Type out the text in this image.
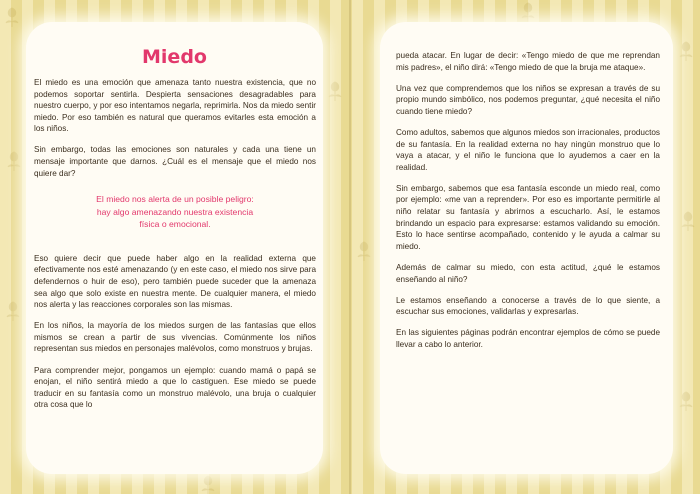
Miedo

El miedo es una emoción que amenaza tanto nuestra existencia, que no podemos soportar sentirla. Despierta sensaciones desagradables para nuestro cuerpo, y por eso intentamos negarla, reprimirla. Nos da miedo sentir miedo. Por eso también es natural que queramos evitarles esta emoción a los niños.

Sin embargo, todas las emociones son naturales y cada una tiene un mensaje importante que darnos. ¿Cuál es el mensaje que el miedo nos quiere dar?

El miedo nos alerta de un posible peligro:
hay algo amenazando nuestra existencia
física o emocional.

Eso quiere decir que puede haber algo en la realidad externa que efectivamente nos esté amenazando (y en este caso, el miedo nos sirve para defendernos o huir de eso), pero también puede suceder que la amenaza sea algo que solo existe en nuestra mente. De cualquier manera, el miedo nos alerta y las reacciones corporales son las mismas.

En los niños, la mayoría de los miedos surgen de las fantasías que ellos mismos se crean a partir de sus vivencias. Comúnmente los niños representan sus miedos en personajes malévolos, como monstruos y brujas.

Para comprender mejor, pongamos un ejemplo: cuando mamá o papá se enojan, el niño sentirá miedo a que lo castiguen. Ese miedo se puede traducir en su fantasía como un monstruo malévolo, una bruja o cualquier otra cosa que lo

pueda atacar. En lugar de decir: «Tengo miedo de que me reprendan mis padres», el niño dirá: «Tengo miedo de que la bruja me ataque».

Una vez que comprendemos que los niños se expresan a través de su propio mundo simbólico, nos podemos preguntar, ¿qué necesita el niño cuando tiene miedo?

Como adultos, sabemos que algunos miedos son irracionales, productos de su fantasía. En la realidad externa no hay ningún monstruo que lo vaya a atacar, y el niño le funciona que lo ayudemos a caer en la realidad.

Sin embargo, sabemos que esa fantasía esconde un miedo real, como por ejemplo: «me van a reprender». Por eso es importante permitirle al niño relatar su fantasía y abrirnos a escucharlo. Así, le estamos brindando un espacio para expresarse: estamos validando su emoción. Esto lo hace sentirse acompañado, contenido y le ayuda a calmar su miedo.

Además de calmar su miedo, con esta actitud, ¿qué le estamos enseñando al niño?

Le estamos enseñando a conocerse a través de lo que siente, a escuchar sus emociones, validarlas y expresarlas.

En las siguientes páginas podrán encontrar ejemplos de cómo se puede llevar a cabo lo anterior.
